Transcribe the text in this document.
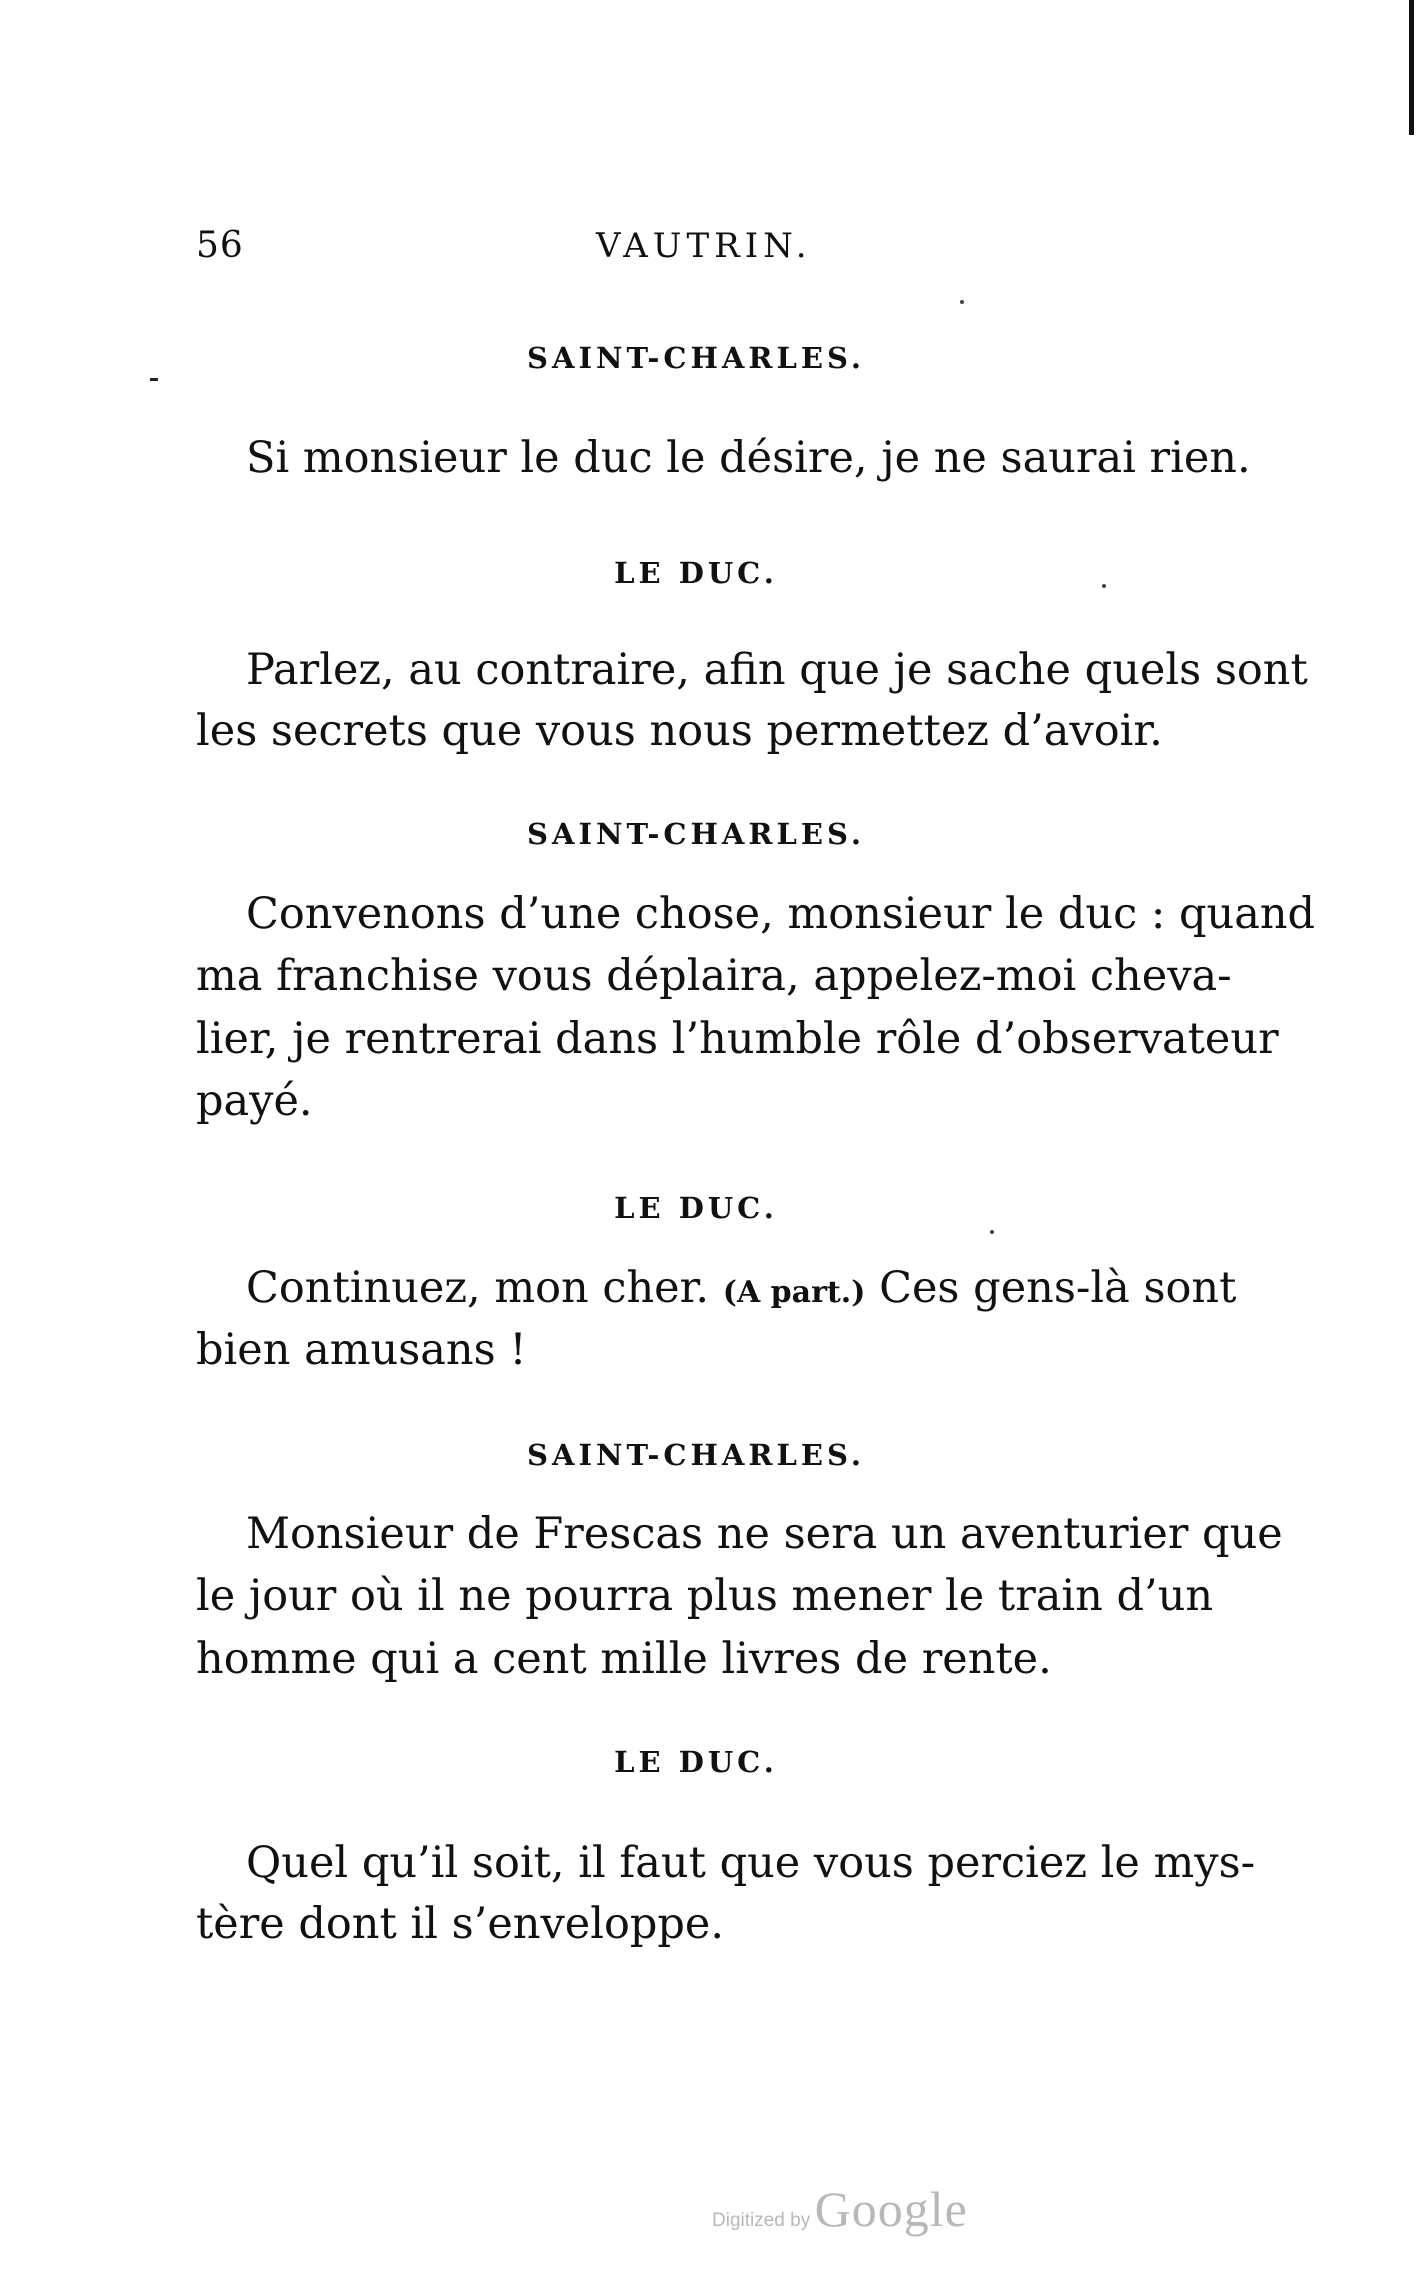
56	VAUTRIN.
SAINT-CHARLES.
Si monsieur le duc le désire, je ne saurai rien.
LE DUC.
Parlez, au contraire, afin que je sache quels sont
les secrets que vous nous permettez d’avoir.
SAINT-CHARLES.
Convenons d’une chose, monsieur le duc : quand
ma franchise vous déplaira, appelez-moi cheva-
lier, je rentrerai dans l’humble rôle d’observateur
payé.
LE DUC.
Continuez, mon cher. (A part.) Ces gens-là sont
bien amusans !
SAINT-CHARLES.
Monsieur de Frescas ne sera un aventurier que
le jour où il ne pourra plus mener le train d’un
homme qui a cent mille livres de rente.
LE DUC.
Quel qu’il soit, il faut que vous perciez le mys-
tère dont il s’enveloppe.
Digitized by Google
